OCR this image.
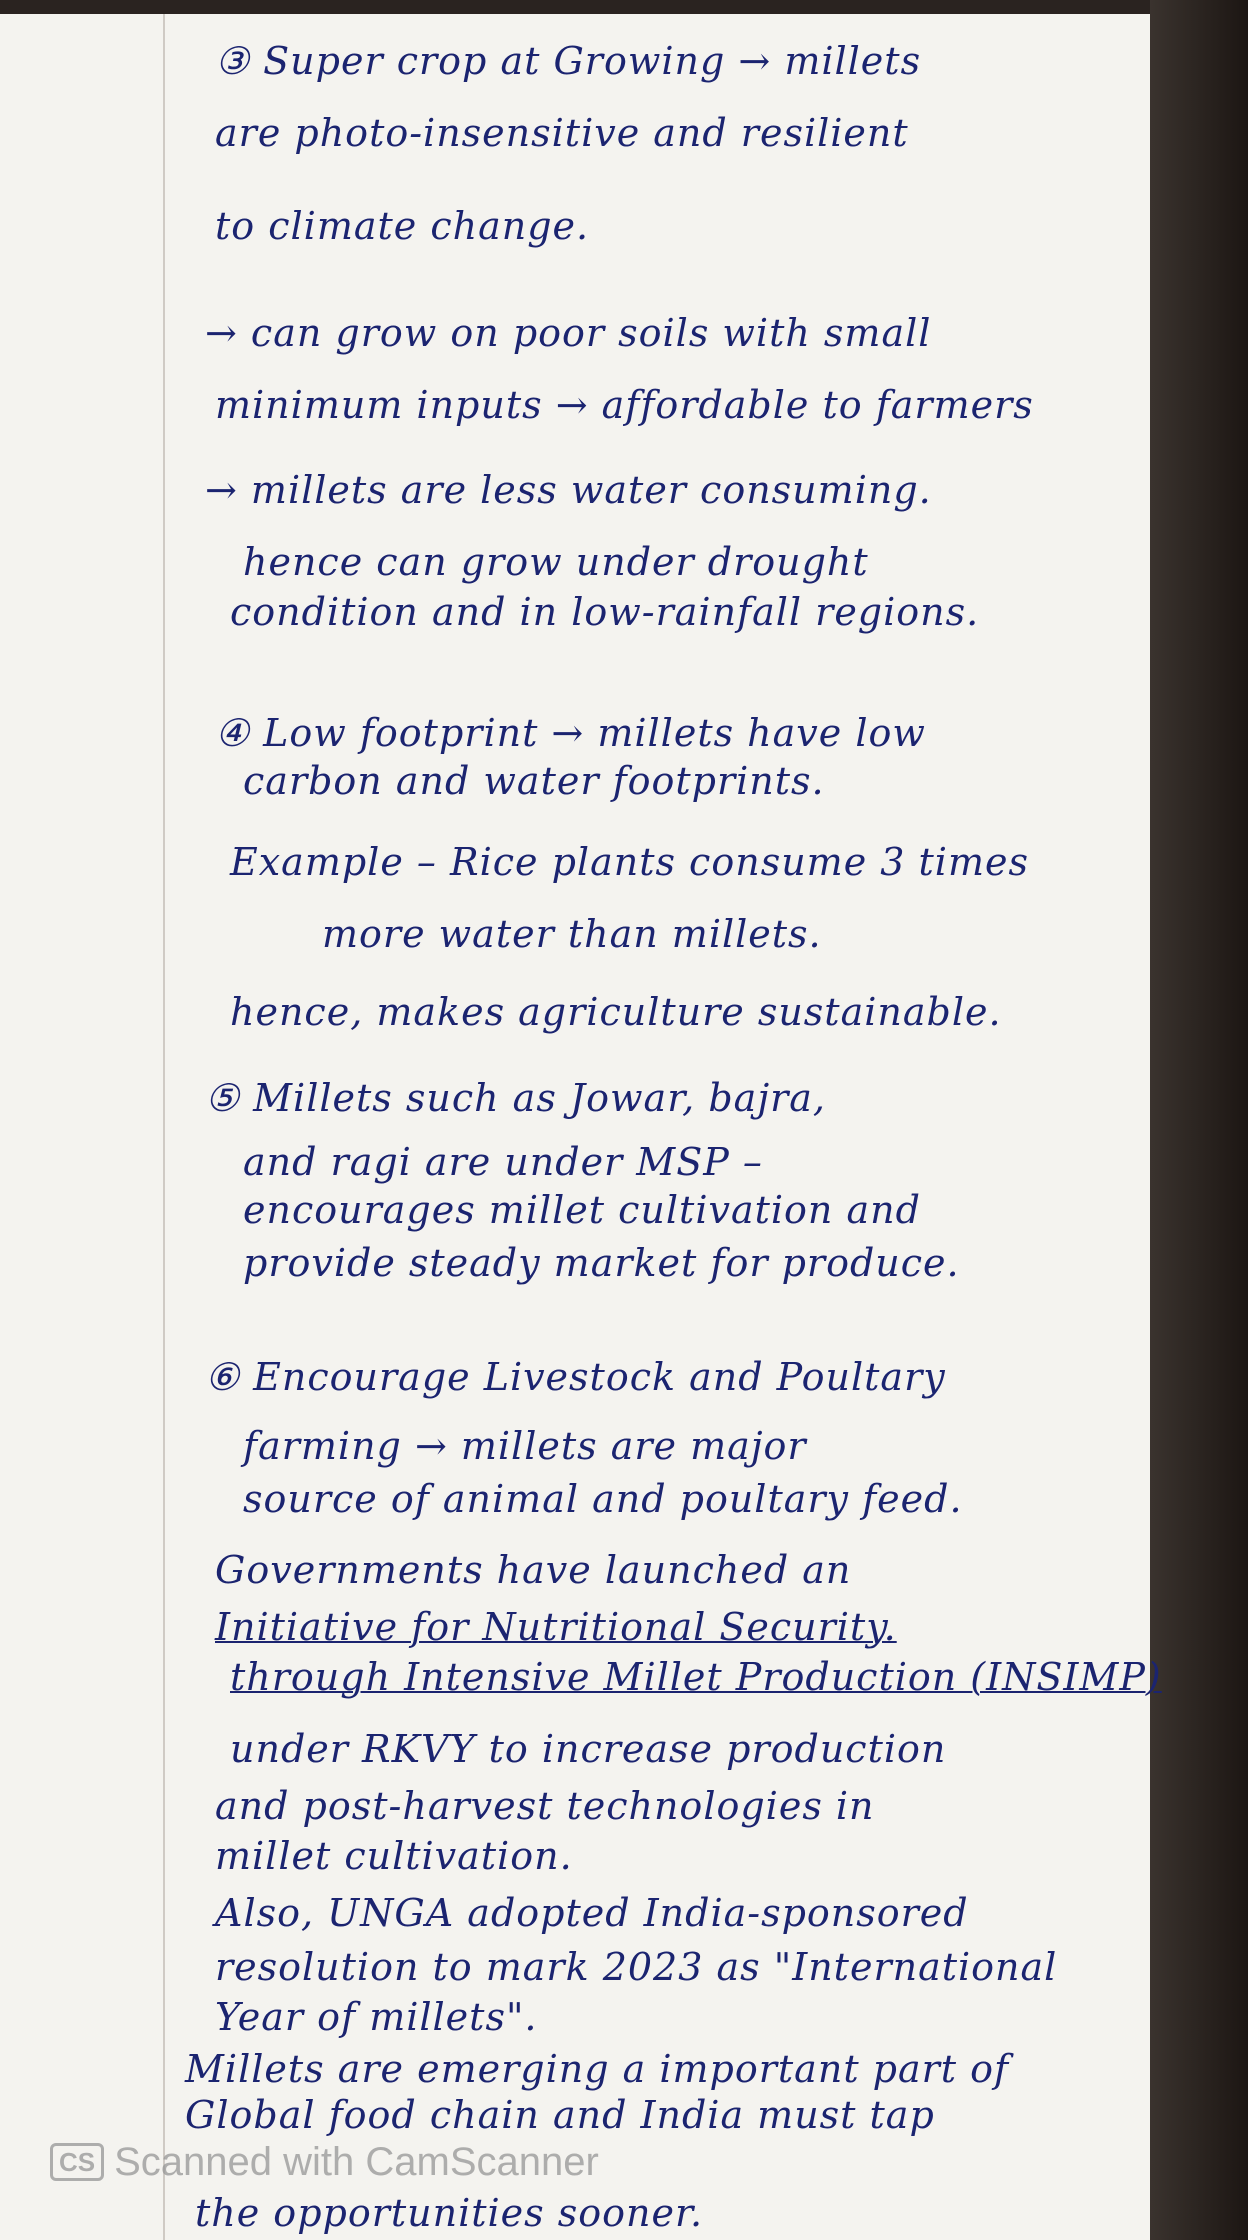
③ Super crop at Growing → millets
are photo-insensitive and resilient
to climate change.
→ can grow on poor soils with small
minimum inputs → affordable to farmers
→ millets are less water consuming.
hence can grow under drought
condition and in low-rainfall regions.
④ Low footprint → millets have low
carbon and water footprints.
Example – Rice plants consume 3 times
more water than millets.
hence, makes agriculture sustainable.
⑤ Millets such as Jowar, bajra,
and ragi are under MSP –
encourages millet cultivation and
provide steady market for produce.
⑥ Encourage Livestock and Poultary
farming → millets are major
source of animal and poultary feed.
Governments have launched an
Initiative for Nutritional Security.
through Intensive Millet Production (INSIMP)
under RKVY to increase production
and post-harvest technologies in
millet cultivation.
Also, UNGA adopted India-sponsored
resolution to mark 2023 as "International
Year of millets".
Millets are emerging a important part of
Global food chain and India must tap
the opportunities sooner.
CS Scanned with CamScanner
